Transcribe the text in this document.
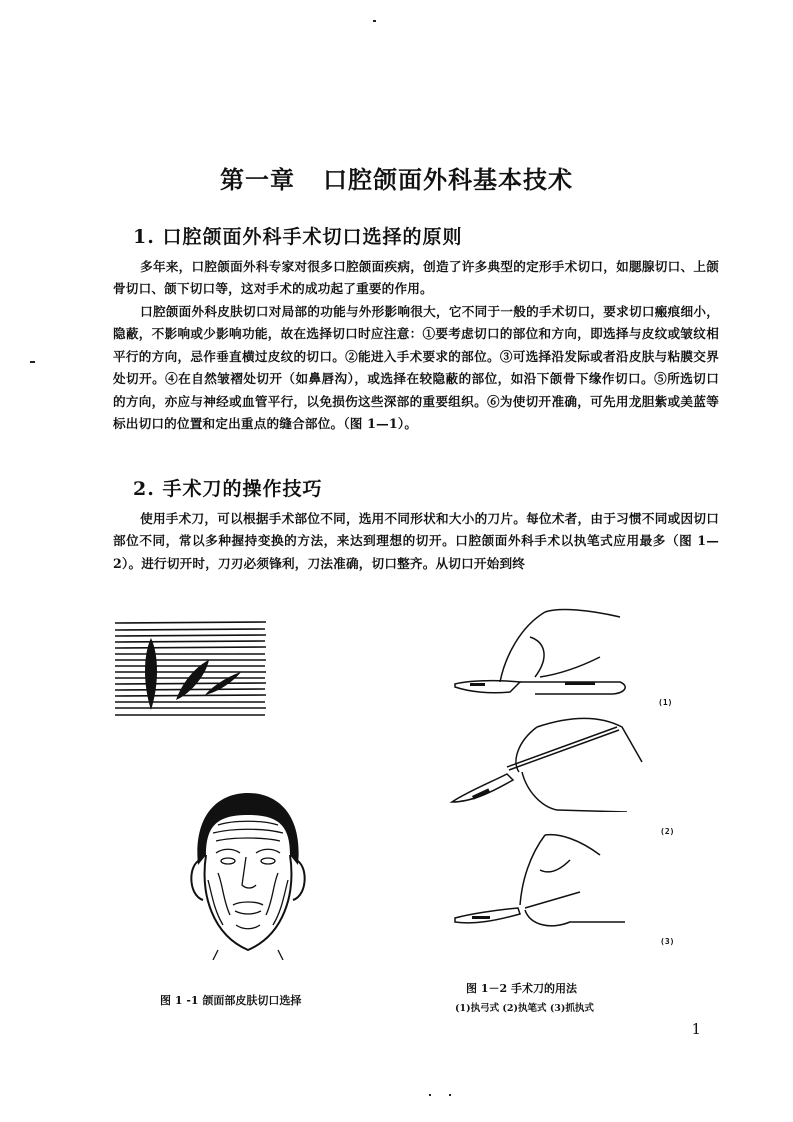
第一章 口腔颌面外科基本技术
1. 口腔颌面外科手术切口选择的原则
多年来，口腔颌面外科专家对很多口腔颌面疾病，创造了许多典型的定形手术切口，如腮腺切口、上颌骨切口、颌下切口等，这对手术的成功起了重要的作用。
口腔颌面外科皮肤切口对局部的功能与外形影响很大，它不同于一般的手术切口，要求切口瘢痕细小，隐蔽，不影响或少影响功能，故在选择切口时应注意：①要考虑切口的部位和方向，即选择与皮纹或皱纹相平行的方向，忌作垂直横过皮纹的切口。②能进入手术要求的部位。③可选择沿发际或者沿皮肤与粘膜交界处切开。④在自然皱褶处切开（如鼻唇沟），或选择在较隐蔽的部位，如沿下颌骨下缘作切口。⑤所选切口的方向，亦应与神经或血管平行，以免损伤这些深部的重要组织。⑥为使切开准确，可先用龙胆紫或美蓝等标出切口的位置和定出重点的缝合部位。（图 1—1）。
2. 手术刀的操作技巧
使用手术刀，可以根据手术部位不同，选用不同形状和大小的刀片。每位术者，由于习惯不同或因切口部位不同，常以多种握持变换的方法，来达到理想的切开。口腔颌面外科手术以执笔式应用最多（图 1—2）。进行切开时，刀刃必须锋利，刀法准确，切口整齐。从切口开始到终
图 1 -1 颌面部皮肤切口选择
(1)
(2)
(3)
图 1－2 手术刀的用法
(1)执弓式 (2)执笔式 (3)抓执式
1
